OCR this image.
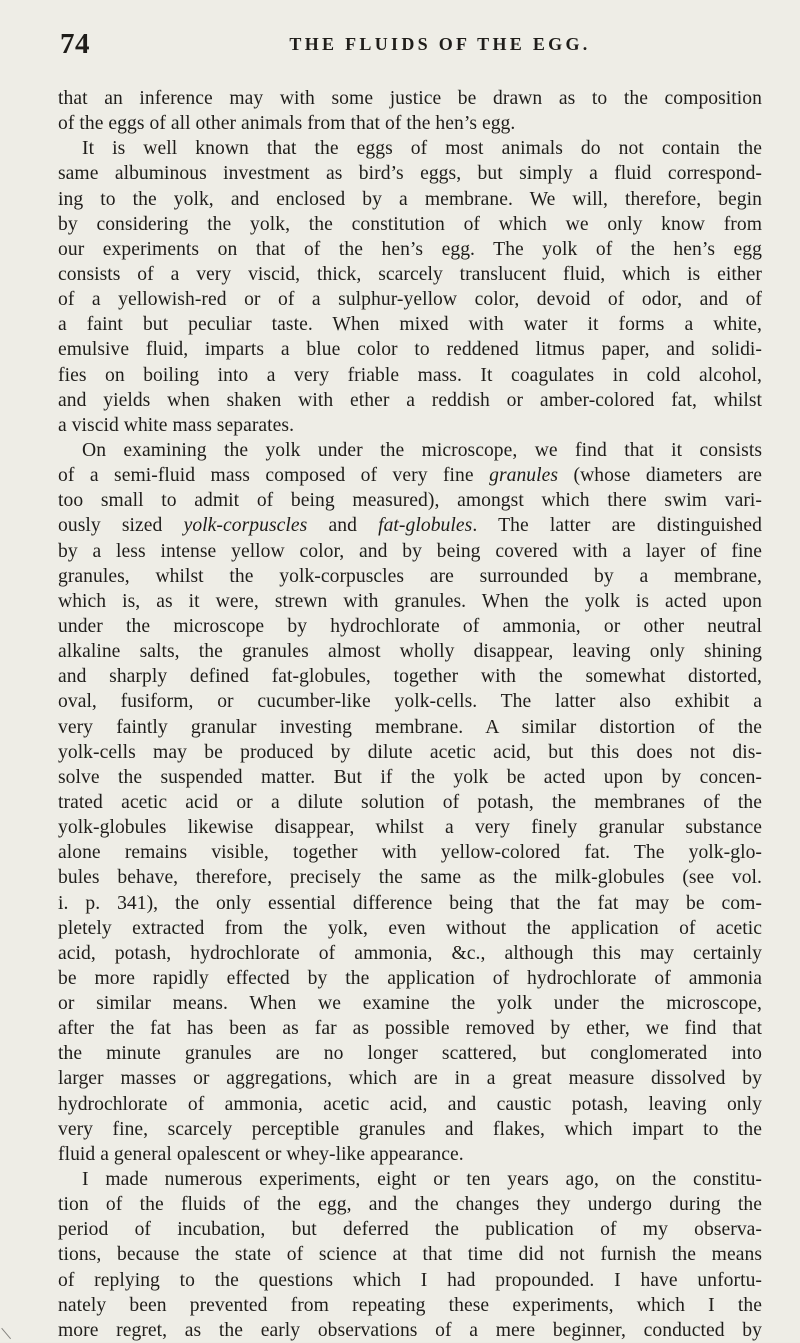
74	THE FLUIDS OF THE EGG.
that an inference may with some justice be drawn as to the composition
of the eggs of all other animals from that of the hen’s egg.
It is well known that the eggs of most animals do not contain the
same albuminous investment as bird’s eggs, but simply a fluid correspond-
ing to the yolk, and enclosed by a membrane. We will, therefore, begin
by considering the yolk, the constitution of which we only know from
our experiments on that of the hen’s egg. The yolk of the hen’s egg
consists of a very viscid, thick, scarcely translucent fluid, which is either
of a yellowish-red or of a sulphur-yellow color, devoid of odor, and of
a faint but peculiar taste. When mixed with water it forms a white,
emulsive fluid, imparts a blue color to reddened litmus paper, and solidi-
fies on boiling into a very friable mass. It coagulates in cold alcohol,
and yields when shaken with ether a reddish or amber-colored fat, whilst
a viscid white mass separates.
On examining the yolk under the microscope, we find that it consists
of a semi-fluid mass composed of very fine granules (whose diameters are
too small to admit of being measured), amongst which there swim vari-
ously sized yolk-corpuscles and fat-globules. The latter are distinguished
by a less intense yellow color, and by being covered with a layer of fine
granules, whilst the yolk-corpuscles are surrounded by a membrane,
which is, as it were, strewn with granules. When the yolk is acted upon
under the microscope by hydrochlorate of ammonia, or other neutral
alkaline salts, the granules almost wholly disappear, leaving only shining
and sharply defined fat-globules, together with the somewhat distorted,
oval, fusiform, or cucumber-like yolk-cells. The latter also exhibit a
very faintly granular investing membrane. A similar distortion of the
yolk-cells may be produced by dilute acetic acid, but this does not dis-
solve the suspended matter. But if the yolk be acted upon by concen-
trated acetic acid or a dilute solution of potash, the membranes of the
yolk-globules likewise disappear, whilst a very finely granular substance
alone remains visible, together with yellow-colored fat. The yolk-glo-
bules behave, therefore, precisely the same as the milk-globules (see vol.
i. p. 341), the only essential difference being that the fat may be com-
pletely extracted from the yolk, even without the application of acetic
acid, potash, hydrochlorate of ammonia, &c., although this may certainly
be more rapidly effected by the application of hydrochlorate of ammonia
or similar means. When we examine the yolk under the microscope,
after the fat has been as far as possible removed by ether, we find that
the minute granules are no longer scattered, but conglomerated into
larger masses or aggregations, which are in a great measure dissolved by
hydrochlorate of ammonia, acetic acid, and caustic potash, leaving only
very fine, scarcely perceptible granules and flakes, which impart to the
fluid a general opalescent or whey-like appearance.
I made numerous experiments, eight or ten years ago, on the constitu-
tion of the fluids of the egg, and the changes they undergo during the
period of incubation, but deferred the publication of my observa-
tions, because the state of science at that time did not furnish the means
of replying to the questions which I had propounded. I have unfortu-
nately been prevented from repeating these experiments, which I the
more regret, as the early observations of a mere beginner, conducted by
